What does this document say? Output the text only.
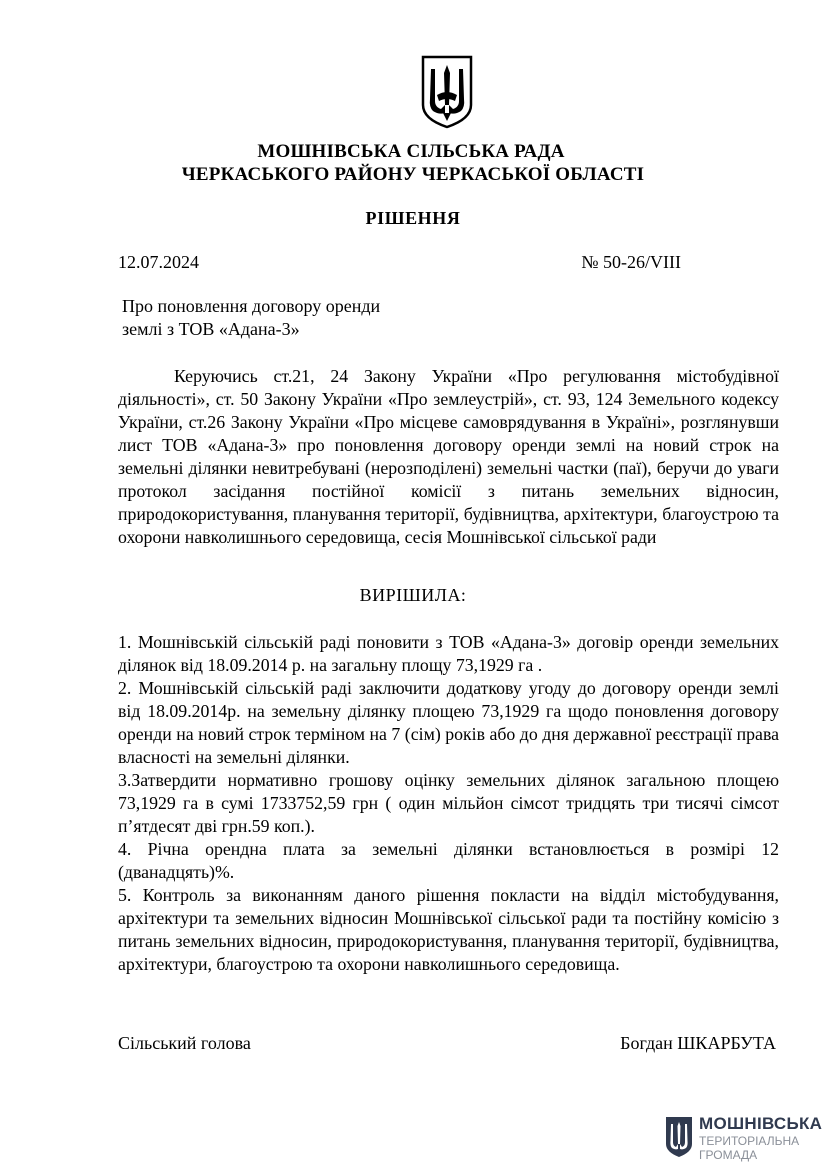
МОШНІВСЬКА СІЛЬСЬКА РАДА
ЧЕРКАСЬКОГО РАЙОНУ ЧЕРКАСЬКОЇ ОБЛАСТІ
РІШЕННЯ
12.07.2024	№ 50-26/VIII
Про поновлення договору оренди
землі з ТОВ «Адана-3»
Керуючись ст.21, 24 Закону України «Про регулювання містобудівної діяльності», ст. 50 Закону України «Про землеустрій», ст. 93, 124 Земельного кодексу України, ст.26 Закону України «Про місцеве самоврядування в Україні», розглянувши лист ТОВ «Адана-3» про поновлення договору оренди землі на новий строк на земельні ділянки невитребувані (нерозподілені) земельні частки (паї), беручи до уваги протокол засідання постійної комісії з питань земельних відносин, природокористування, планування території, будівництва, архітектури, благоустрою та охорони навколишнього середовища, сесія Мошнівської сільської ради
ВИРІШИЛА:

1. Мошнівській сільській раді поновити з ТОВ «Адана-3» договір оренди земельних ділянок від 18.09.2014 р. на загальну площу 73,1929 га .

2. Мошнівській сільській раді заключити додаткову угоду до договору оренди землі від 18.09.2014р. на земельну ділянку площею 73,1929 га щодо поновлення договору оренди на новий строк терміном на 7 (сім) років або до дня державної реєстрації права власності на земельні ділянки.

3.Затвердити нормативно грошову оцінку земельних ділянок загальною площею 73,1929 га в сумі 1733752,59 грн ( один мільйон сімсот тридцять три тисячі сімсот п’ятдесят дві грн.59 коп.).

4. Річна орендна плата за земельні ділянки встановлюється в розмірі 12 (дванадцять)%.

5. Контроль за виконанням даного рішення покласти на відділ містобудування, архітектури та земельних відносин Мошнівської сільської ради та постійну комісію з питань земельних відносин, природокористування, планування території, будівництва, архітектури, благоустрою та охорони навколишнього середовища.

Сільський голова	Богдан ШКАРБУТА
МОШНІВСЬКА
ТЕРИТОРІАЛЬНА
ГРОМАДА
